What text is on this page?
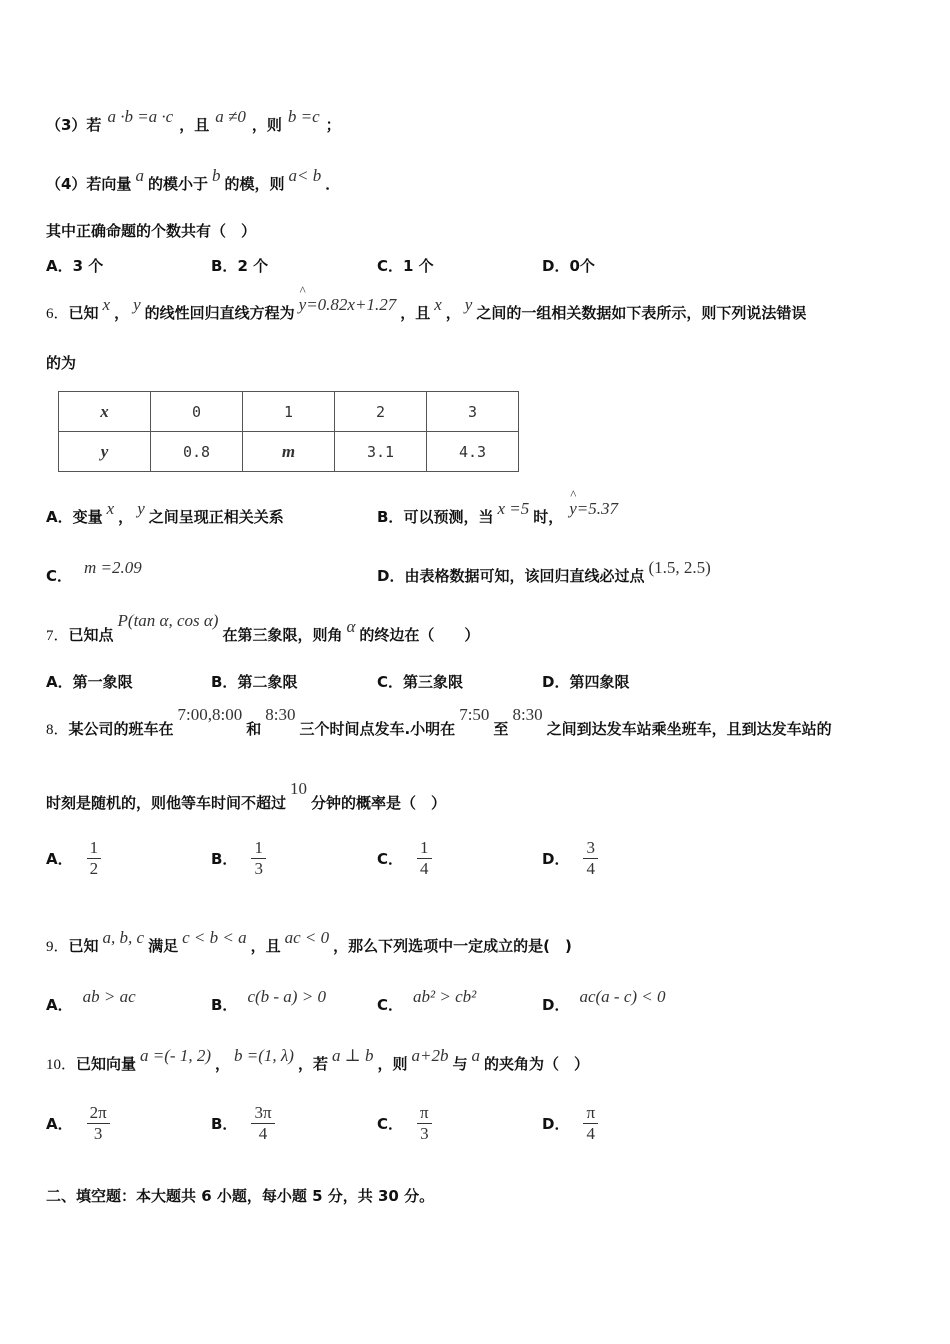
（3）若 a ·b =a ·c ，且 a ≠0 ，则 b =c ；
（4）若向量 a 的模小于 b 的模，则 a< b ．
其中正确命题的个数共有（　）
A．3 个	B．2 个	C．1 个	D．0个
6．已知 x ， y 的线性回归直线方程为 ^ y=0.82x+1.27 ，且 x ， y 之间的一组相关数据如下表所示，则下列说法错误
的为
x	0	1	2	3
y	0.8	m	3.1	4.3
A．变量 x ， y 之间呈现正相关关系	B．可以预测，当 x =5 时， ^ y=5.37
C． m =2.09	D．由表格数据可知，该回归直线必过点 (1.5, 2.5)
7．已知点P(tan α, cos α)在第三象限，则角 α 的终边在（　　）
A．第一象限	B．第二象限	C．第三象限	D．第四象限
8．某公司的班车在7:00,8:00和8:30三个时间点发车.小明在7:50至8:30之间到达发车站乘坐班车，且到达发车站的
时刻是随机的，则他等车时间不超过10分钟的概率是（　）
A． $\frac{1}{2}$	B． $\frac{1}{3}$	C． $\frac{1}{4}$	D． $\frac{3}{4}$
9．已知 a, b, c 满足 c < b < a ，且 ac < 0 ，那么下列选项中一定成立的是(　)
A． ab > ac	B． c(b - a) > 0	C． ab² > cb²	D． ac(a - c) < 0
10．已知向量 a =(- 1, 2) ， b =(1, λ) ，若 a ⊥ b ，则 a+2b 与 a 的夹角为（　）
A． $\frac{2\pi}{3}$	B． $\frac{3\pi}{4}$	C． $\frac{\pi}{3}$	D． $\frac{\pi}{4}$
二、填空题：本大题共 6 小题，每小题 5 分，共 30 分。
